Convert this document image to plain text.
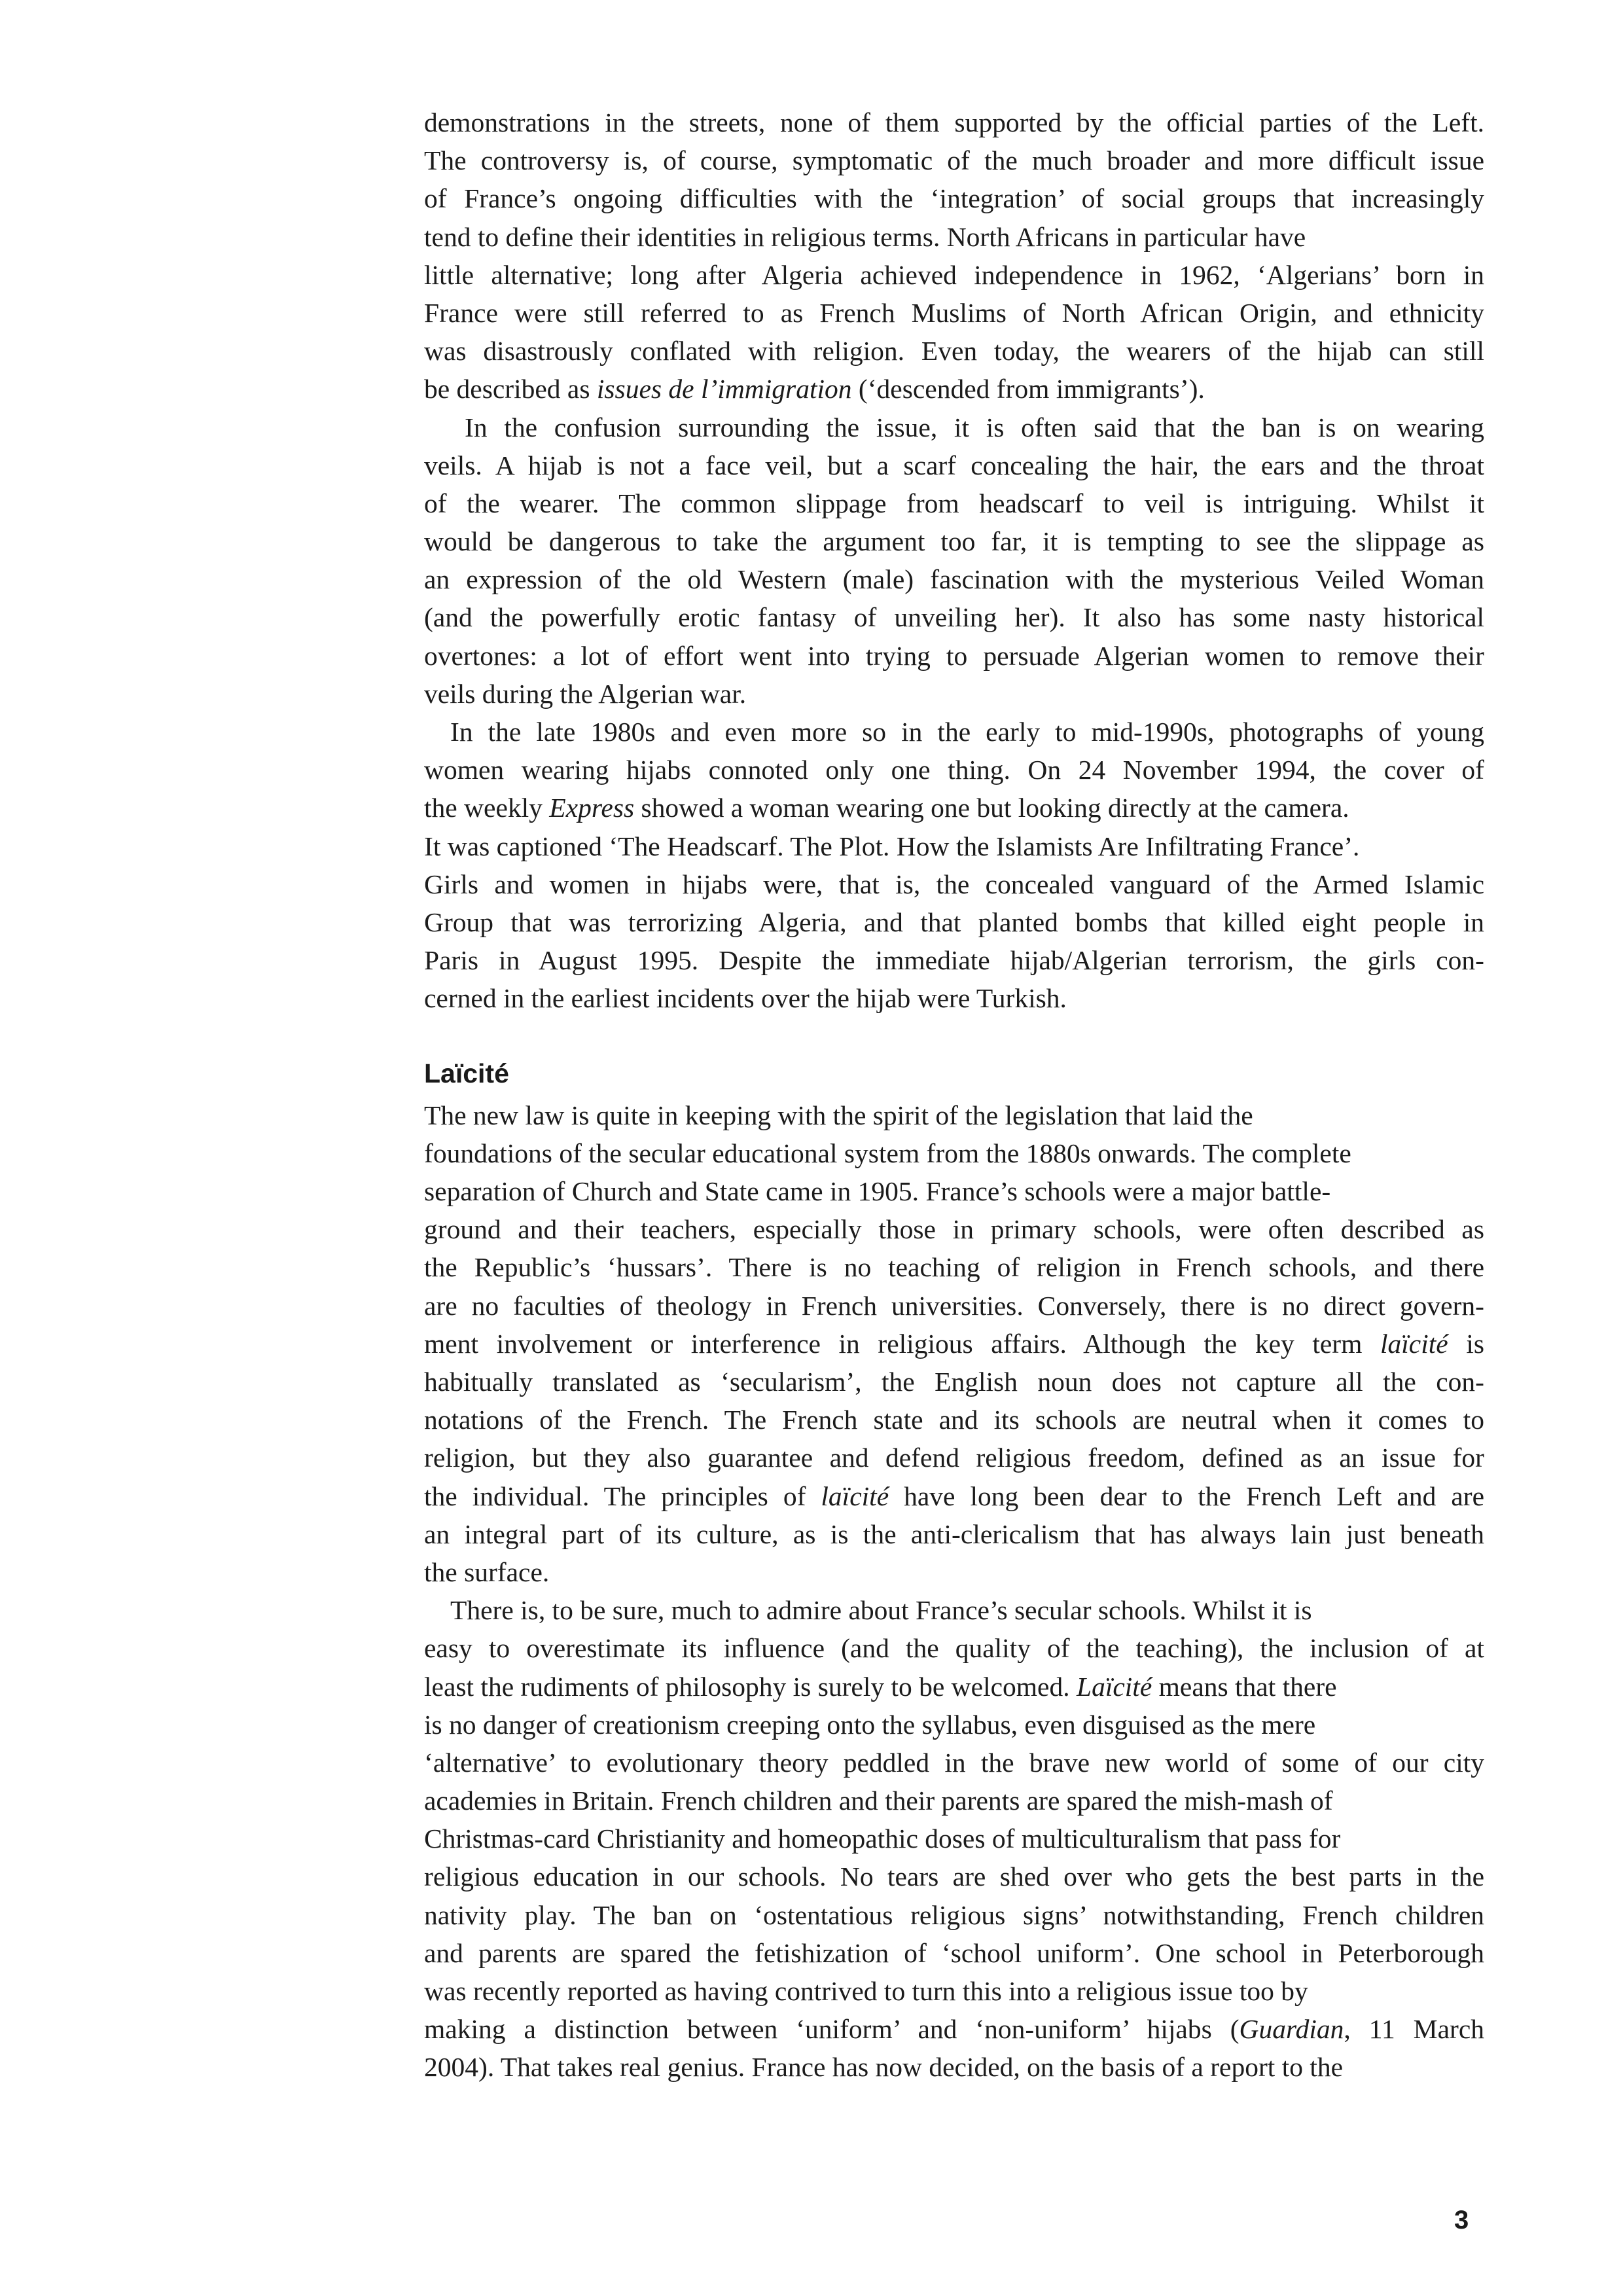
demonstrations in the streets, none of them supported by the official parties of the Left.
The controversy is, of course, symptomatic of the much broader and more difficult issue
of France’s ongoing difficulties with the ‘integration’ of social groups that increasingly
tend to define their identities in religious terms. North Africans in particular have
little alternative; long after Algeria achieved independence in 1962, ‘Algerians’ born in
France were still referred to as French Muslims of North African Origin, and ethnicity
was disastrously conflated with religion. Even today, the wearers of the hijab can still
be described as issues de l’immigration (‘descended from immigrants’).
In the confusion surrounding the issue, it is often said that the ban is on wearing
veils. A hijab is not a face veil, but a scarf concealing the hair, the ears and the throat
of the wearer. The common slippage from headscarf to veil is intriguing. Whilst it
would be dangerous to take the argument too far, it is tempting to see the slippage as
an expression of the old Western (male) fascination with the mysterious Veiled Woman
(and the powerfully erotic fantasy of unveiling her). It also has some nasty historical
overtones: a lot of effort went into trying to persuade Algerian women to remove their
veils during the Algerian war.
In the late 1980s and even more so in the early to mid-1990s, photographs of young
women wearing hijabs connoted only one thing. On 24 November 1994, the cover of
the weekly Express showed a woman wearing one but looking directly at the camera.
It was captioned ‘The Headscarf. The Plot. How the Islamists Are Infiltrating France’.
Girls and women in hijabs were, that is, the concealed vanguard of the Armed Islamic
Group that was terrorizing Algeria, and that planted bombs that killed eight people in
Paris in August 1995. Despite the immediate hijab/Algerian terrorism, the girls con-
cerned in the earliest incidents over the hijab were Turkish.
Laïcité
The new law is quite in keeping with the spirit of the legislation that laid the
foundations of the secular educational system from the 1880s onwards. The complete
separation of Church and State came in 1905. France’s schools were a major battle-
ground and their teachers, especially those in primary schools, were often described as
the Republic’s ‘hussars’. There is no teaching of religion in French schools, and there
are no faculties of theology in French universities. Conversely, there is no direct govern-
ment involvement or interference in religious affairs. Although the key term laïcité is
habitually translated as ‘secularism’, the English noun does not capture all the con-
notations of the French. The French state and its schools are neutral when it comes to
religion, but they also guarantee and defend religious freedom, defined as an issue for
the individual. The principles of laïcité have long been dear to the French Left and are
an integral part of its culture, as is the anti-clericalism that has always lain just beneath
the surface.
There is, to be sure, much to admire about France’s secular schools. Whilst it is
easy to overestimate its influence (and the quality of the teaching), the inclusion of at
least the rudiments of philosophy is surely to be welcomed. Laïcité means that there
is no danger of creationism creeping onto the syllabus, even disguised as the mere
‘alternative’ to evolutionary theory peddled in the brave new world of some of our city
academies in Britain. French children and their parents are spared the mish-mash of
Christmas-card Christianity and homeopathic doses of multiculturalism that pass for
religious education in our schools. No tears are shed over who gets the best parts in the
nativity play. The ban on ‘ostentatious religious signs’ notwithstanding, French children
and parents are spared the fetishization of ‘school uniform’. One school in Peterborough
was recently reported as having contrived to turn this into a religious issue too by
making a distinction between ‘uniform’ and ‘non-uniform’ hijabs (Guardian, 11 March
2004). That takes real genius. France has now decided, on the basis of a report to the
3
